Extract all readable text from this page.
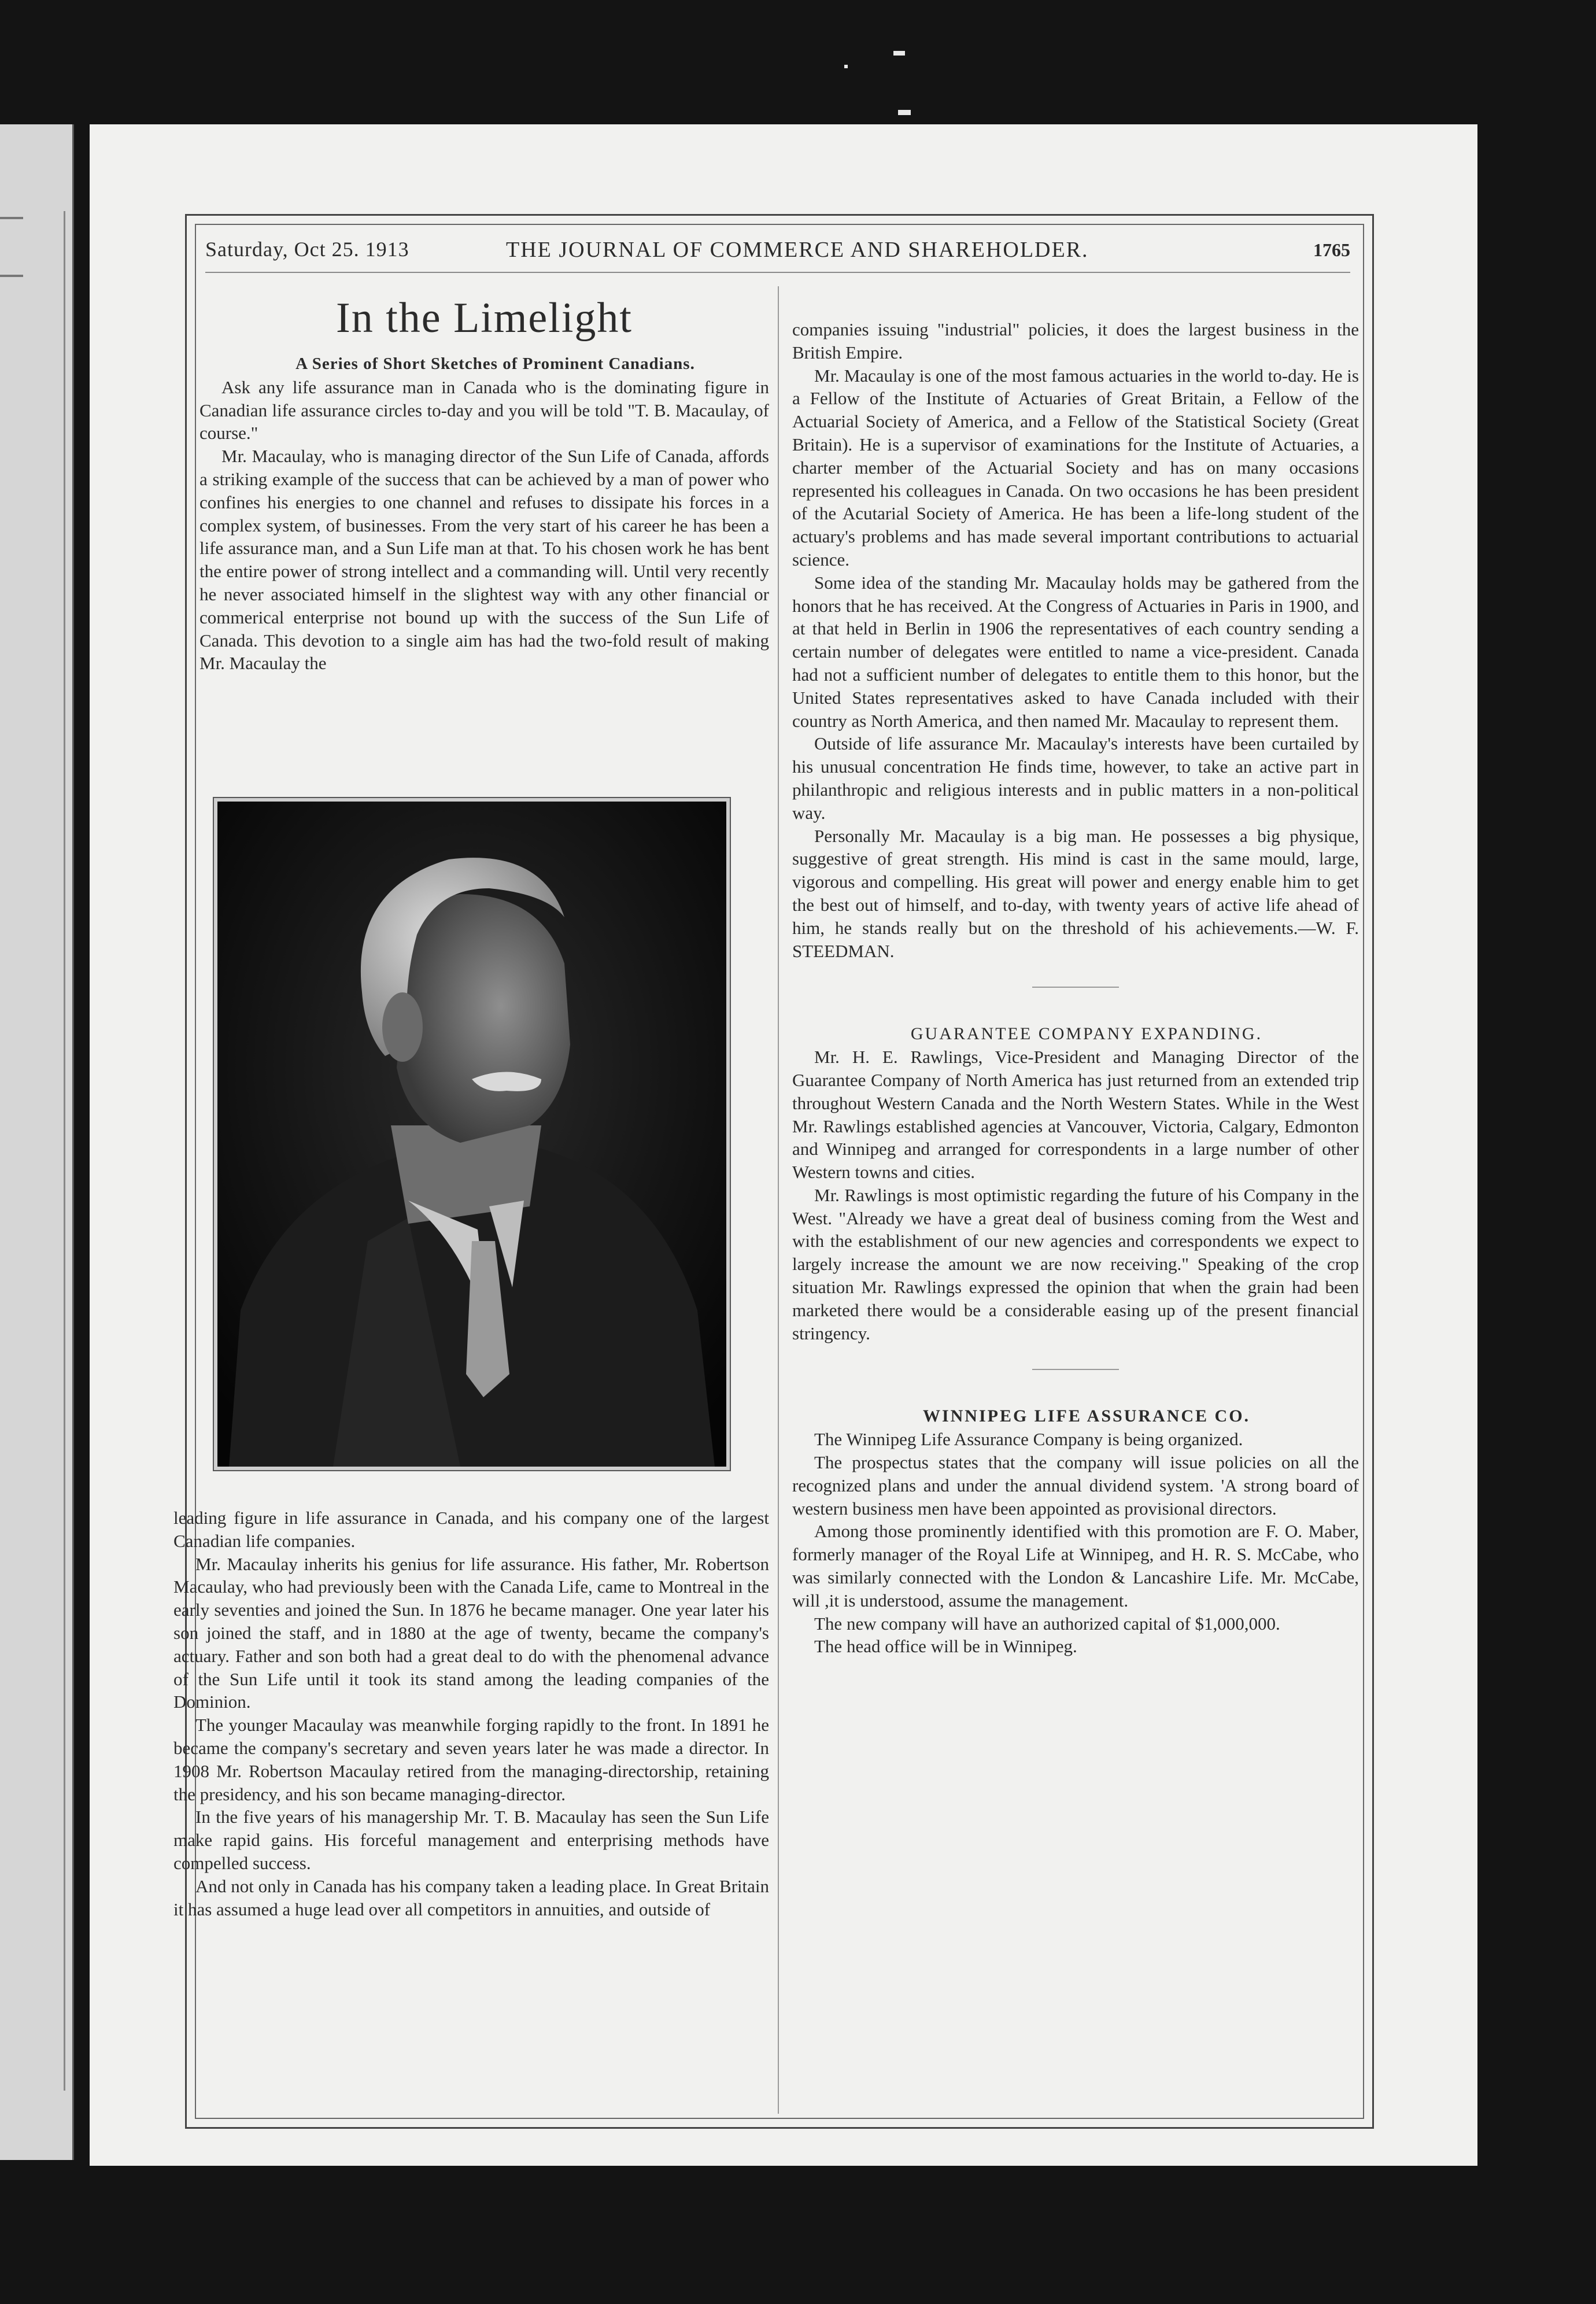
Saturday, Oct 25. 1913	THE JOURNAL OF COMMERCE AND SHAREHOLDER.	1765
In the Limelight

A Series of Short Sketches of Prominent Canadians.

Ask any life assurance man in Canada who is the dominating figure in Canadian life assurance circles to-day and you will be told "T. B. Macaulay, of course."

Mr. Macaulay, who is managing director of the Sun Life of Canada, affords a striking example of the success that can be achieved by a man of power who confines his energies to one channel and refuses to dissipate his forces in a complex system, of businesses. From the very start of his career he has been a life assurance man, and a Sun Life man at that. To his chosen work he has bent the entire power of strong intellect and a commanding will. Until very recently he never associated himself in the slightest way with any other financial or commerical enterprise not bound up with the success of the Sun Life of Canada. This devotion to a single aim has had the two-fold result of making Mr. Macaulay the

leading figure in life assurance in Canada, and his company one of the largest Canadian life companies.

Mr. Macaulay inherits his genius for life assurance. His father, Mr. Robertson Macaulay, who had previously been with the Canada Life, came to Montreal in the early seventies and joined the Sun. In 1876 he became manager. One year later his son joined the staff, and in 1880 at the age of twenty, became the company's actuary. Father and son both had a great deal to do with the phenomenal advance of the Sun Life until it took its stand among the leading companies of the Dominion.

The younger Macaulay was meanwhile forging rapidly to the front. In 1891 he became the company's secretary and seven years later he was made a director. In 1908 Mr. Robertson Macaulay retired from the managing-directorship, retaining the presidency, and his son became managing-director.

In the five years of his managership Mr. T. B. Macaulay has seen the Sun Life make rapid gains. His forceful management and enterprising methods have compelled success.

And not only in Canada has his company taken a leading place. In Great Britain it has assumed a huge lead over all competitors in annuities, and outside of

companies issuing "industrial" policies, it does the largest business in the British Empire.

Mr. Macaulay is one of the most famous actuaries in the world to-day. He is a Fellow of the Institute of Actuaries of Great Britain, a Fellow of the Actuarial Society of America, and a Fellow of the Statistical Society (Great Britain). He is a supervisor of examinations for the Institute of Actuaries, a charter member of the Actuarial Society and has on many occasions represented his colleagues in Canada. On two occasions he has been president of the Acutarial Society of America. He has been a life-long student of the actuary's problems and has made several important contributions to actuarial science.

Some idea of the standing Mr. Macaulay holds may be gathered from the honors that he has received. At the Congress of Actuaries in Paris in 1900, and at that held in Berlin in 1906 the representatives of each country sending a certain number of delegates were entitled to name a vice-president. Canada had not a sufficient number of delegates to entitle them to this honor, but the United States representatives asked to have Canada included with their country as North America, and then named Mr. Macaulay to represent them.

Outside of life assurance Mr. Macaulay's interests have been curtailed by his unusual concentration He finds time, however, to take an active part in philanthropic and religious interests and in public matters in a non-political way.

Personally Mr. Macaulay is a big man. He possesses a big physique, suggestive of great strength. His mind is cast in the same mould, large, vigorous and compelling. His great will power and energy enable him to get the best out of himself, and to-day, with twenty years of active life ahead of him, he stands really but on the threshold of his achievements.—W. F. STEEDMAN.

GUARANTEE COMPANY EXPANDING.

Mr. H. E. Rawlings, Vice-President and Managing Director of the Guarantee Company of North America has just returned from an extended trip throughout Western Canada and the North Western States. While in the West Mr. Rawlings established agencies at Vancouver, Victoria, Calgary, Edmonton and Winnipeg and arranged for correspondents in a large number of other Western towns and cities.

Mr. Rawlings is most optimistic regarding the future of his Company in the West. "Already we have a great deal of business coming from the West and with the establishment of our new agencies and correspondents we expect to largely increase the amount we are now receiving." Speaking of the crop situation Mr. Rawlings expressed the opinion that when the grain had been marketed there would be a considerable easing up of the present financial stringency.

WINNIPEG LIFE ASSURANCE CO.

The Winnipeg Life Assurance Company is being organized.

The prospectus states that the company will issue policies on all the recognized plans and under the annual dividend system. 'A strong board of western business men have been appointed as provisional directors.

Among those prominently identified with this promotion are F. O. Maber, formerly manager of the Royal Life at Winnipeg, and H. R. S. McCabe, who was similarly connected with the London & Lancashire Life. Mr. McCabe, will ,it is understood, assume the management.

The new company will have an authorized capital of $1,000,000.

The head office will be in Winnipeg.
